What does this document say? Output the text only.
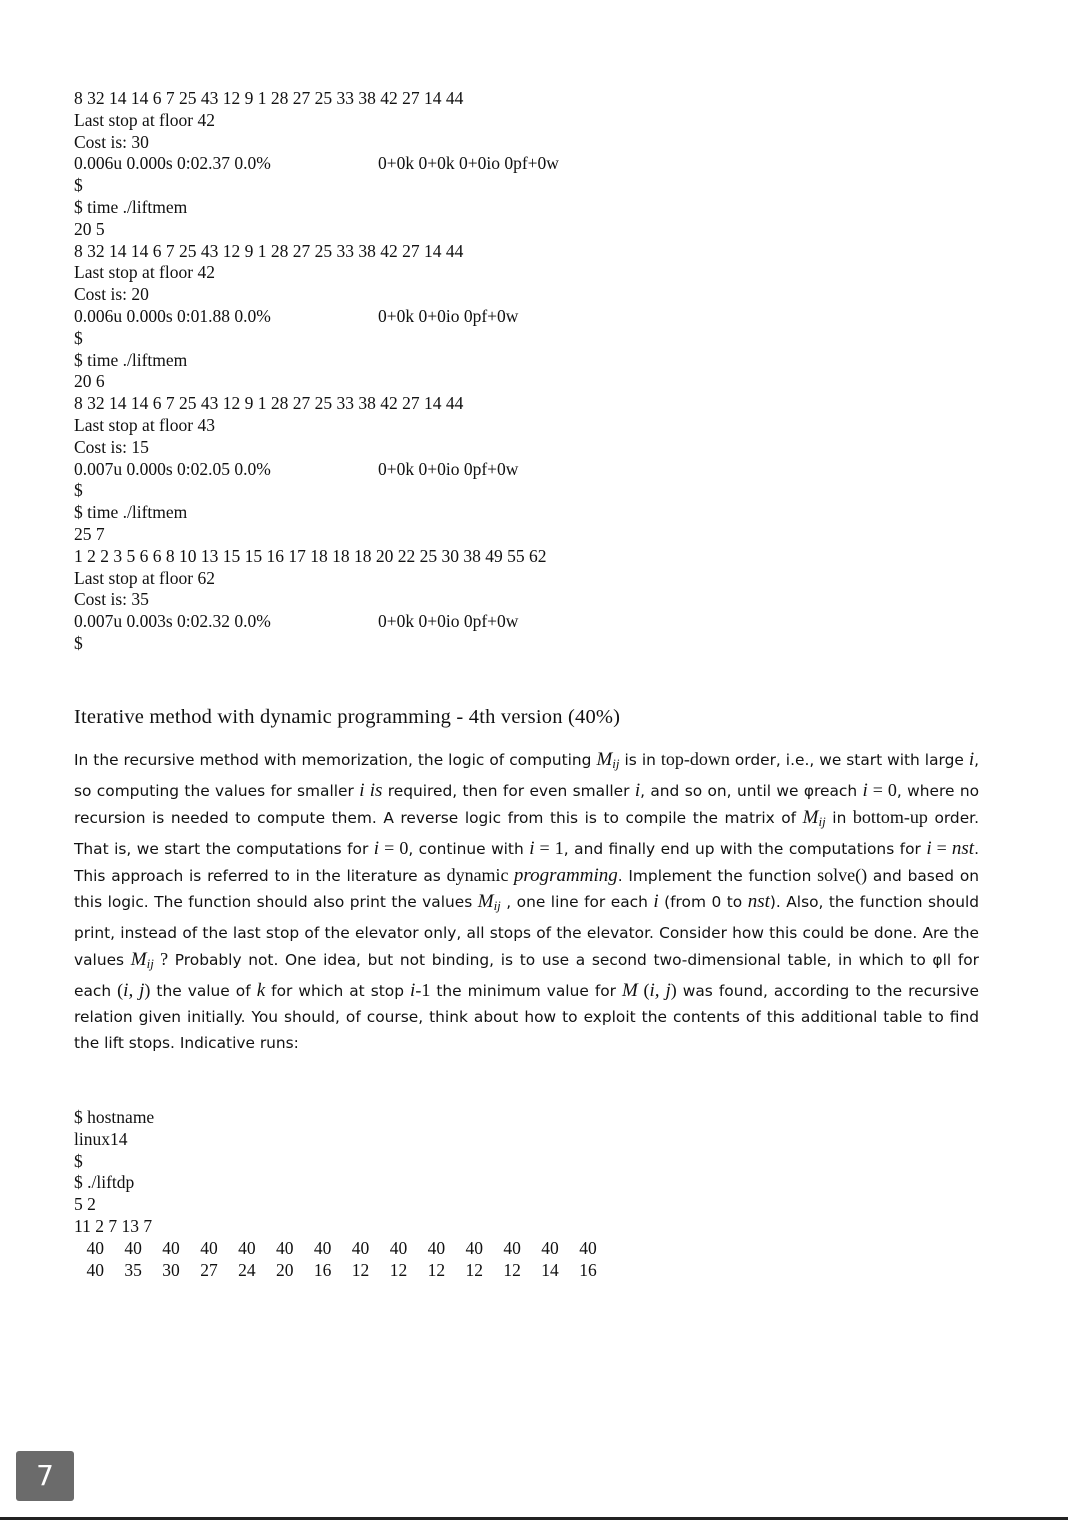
8 32 14 14 6 7 25 43 12 9 1 28 27 25 33 38 42 27 14 44
Last stop at floor 42
Cost is: 30
0.006u 0.000s 0:02.37 0.0%	0+0k 0+0k 0+0io 0pf+0w
$
$ time ./liftmem
20 5
8 32 14 14 6 7 25 43 12 9 1 28 27 25 33 38 42 27 14 44
Last stop at floor 42
Cost is: 20
0.006u 0.000s 0:01.88 0.0%	0+0k 0+0io 0pf+0w
$
$ time ./liftmem
20 6
8 32 14 14 6 7 25 43 12 9 1 28 27 25 33 38 42 27 14 44
Last stop at floor 43
Cost is: 15
0.007u 0.000s 0:02.05 0.0%	0+0k 0+0io 0pf+0w
$
$ time ./liftmem
25 7
1 2 2 3 5 6 6 8 10 13 15 15 16 17 18 18 18 20 22 25 30 38 49 55 62
Last stop at floor 62
Cost is: 35
0.007u 0.003s 0:02.32 0.0%	0+0k 0+0io 0pf+0w
$
Iterative method with dynamic programming - 4th version (40%)

In the recursive method with memorization, the logic of computing $M_{ij}$ is in top-down order, i.e., we start with large i, so computing the values for smaller i is required, then for even smaller i, and so on, until we φreach i = 0, where no recursion is needed to compute them. A reverse logic from this is to compile the matrix of $M_{ij}$ in bottom-up order. That is, we start the computations for i = 0, continue with i = 1, and finally end up with the computations for i = nst. This approach is referred to in the literature as dynamic programming. Implement the function solve() and based on this logic. The function should also print the values $M_{ij}$ , one line for each i (from 0 to nst). Also, the function should print, instead of the last stop of the elevator only, all stops of the elevator. Consider how this could be done. Are the values $M_{ij}$ ? Probably not. One idea, but not binding, is to use a second two-dimensional table, in which to φll for each (i, j) the value of k for which at stop i-1 the minimum value for M (i, j) was found, according to the recursive relation given initially. You should, of course, think about how to exploit the contents of this additional table to find the lift stops. Indicative runs:

$ hostname
linux14
$
$ ./liftdp
5 2
11 2 7 13 7
40	40	40	40	40	40	40	40	40	40	40	40	40	40
40	35	30	27	24	20	16	12	12	12	12	12	14	16
7
